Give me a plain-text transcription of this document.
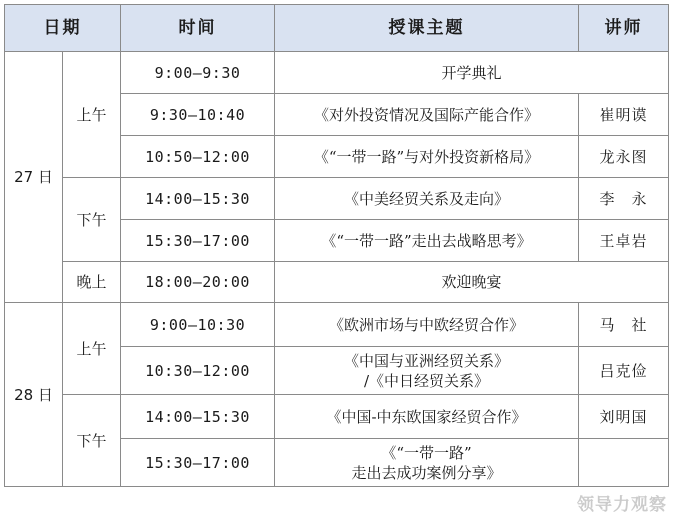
日期		时间	授课主题	讲师
27 日	上午	9:00—9:30	开学典礼	
		9:30—10:40	《对外投资情况及国际产能合作》	崔明谟
		10:50—12:00	《“一带一路”与对外投资新格局》	龙永图
	下午	14:00—15:30	《中美经贸关系及走向》	李　永
		15:30—17:00	《“一带一路”走出去战略思考》	王卓岩
	晚上	18:00—20:00	欢迎晚宴	
28 日	上午	9:00—10:30	《欧洲市场与中欧经贸合作》	马　社
		10:30—12:00	《中国与亚洲经贸关系》
/《中日经贸关系》	吕克俭
	下午	14:00—15:30	《中国-中东欧国家经贸合作》	刘明国
		15:30—17:00	《“一带一路”
走出去成功案例分享》	
领导力观察
